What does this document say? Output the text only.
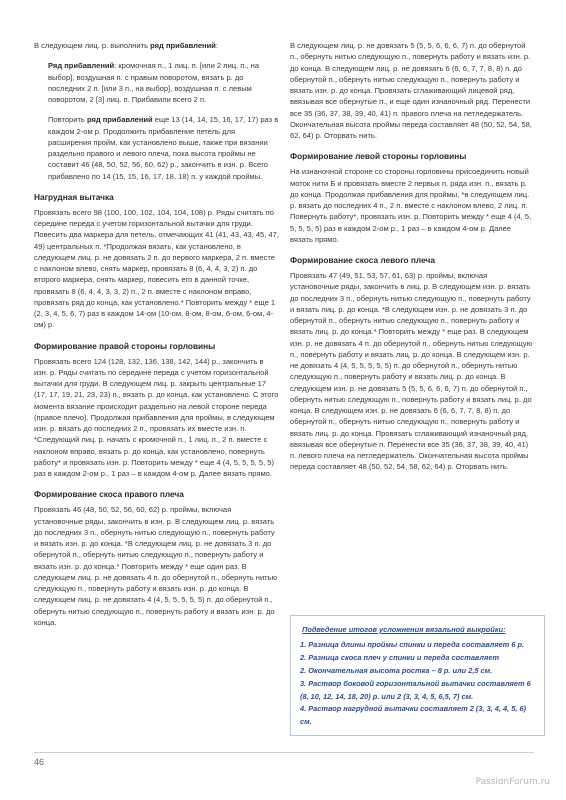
В следующем лиц. р. выполнить ряд прибавлений:

Ряд прибавлений: кромочная п., 1 лиц. п. [или 2 лиц. п., на выбор], воздушная п. с правым поворотом, вязать р. до последних 2 п. [или 3 п., на выбор], воздушная п. с левым поворотом, 2 [3] лиц. п. Прибавили всего 2 п.

Повторить ряд прибавлений еще 13 (14, 14, 15, 16, 17, 17) раз в каждом 2-ом р. Продолжить прибавление петель для расширения пройм, как установлено выше, также при вязании раздельно правого и левого плеча, пока высота проймы не составит 46 (48, 50, 52, 56, 60, 62) р., закончить в изн. р. Всего прибавлено по 14 (15, 15, 16, 17, 18, 18) п. у каждой проймы.

Нагрудная вытачка

Провязать всего 98 (100, 100, 102, 104, 104, 108) р. Ряды считать по середине переда с учетом горизонтальной вытачки для груди. Повесить два маркера для петель, отмечающих 41 (41, 43, 43, 45, 47, 49) центральных п. *Продолжая вязать, как установлено, в следующем лиц. р. не довязать 2 п. до первого маркера, 2 п. вместе с наклоном влево, снять маркер, провязать 8 (6, 4, 4, 3, 2) п. до второго маркера, снять маркер, повесить его в данной точке, провязать 8 (6, 4, 4, 3, 3, 2) п., 2 п. вместе с наклоном вправо, провязать ряд до конца, как установлено.* Повторить между * еще 1 (2, 3, 4, 5, 6, 7) раз в каждом 14-ом (10-ом, 8-ом, 8-ом, 6-ом, 6-ом, 4-ом) р.

Формирование правой стороны горловины

Провязать всего 124 (128, 132, 136, 138, 142, 144) р., закончить в изн. р. Ряды считать по середине переда с учетом горизонтальной вытачки для груди. В следующем лиц. р. закрыть центральные 17 (17, 17, 19, 21, 23, 23) п., вязать р. до конца, как установлено. С этого момента вязание происходит раздельно на левой стороне переда (правое плечо). Продолжая прибавления для проймы, в следующем изн. р. вязать до последних 2 п., провязать их вместе изн. п. *Следующий лиц. р. начать с кромочной п., 1 лиц. п., 2 п. вместе с наклоном вправо, вязать р. до конца, как установлено, повернуть работу* и провязать изн. р. Повторить между * еще 4 (4, 5, 5, 5, 5, 5) раз в каждом 2-ом р., 1 раз – в каждом 4-ом р. Далее вязать прямо.

Формирование скоса правого плеча

Провязать 46 (48, 50, 52, 56, 60, 62) р. проймы, включая установочные ряды, закончить в изн. р. В следующем лиц. р. вязать до последних 3 п., обернуть нитью следующую п., повернуть работу и вязать изн. р. до конца. *В следующем лиц. р. не довязать 3 п. до обернутой п., обернуть нитью следующую п., повернуть работу и вязать изн. р. до конца.* Повторить между * еще один раз. В следующем лиц. р. не довязать 4 п. до обернутой п., обернуть нитью следующую п., повернуть работу и вязать изн. р. до конца. В следующем лиц. р. не довязать 4 (4, 5, 5, 5, 5, 5) п. до обернутой п., обернуть нитью следующую п., повернуть работу и вязать изн. р. до конца.

В следующем лиц. р. не довязать 5 (5, 5, 6, 6, 6, 7) п. до обернутой п., обернуть нитью следующую п., повернуть работу и вязать изн. р. до конца. В следующем лиц. р. не довязать 6 (6, 6, 7, 7, 8, 8) п. до обернутой п., обернуть нитью следующую п., повернуть работу и вязать изн. р. до конца. Провязать сглаживающий лицевой ряд, ввязывая все обернутые п., и еще один изнаночный ряд. Перенести все 35 (36, 37, 38, 39, 40, 41) п. правого плеча на петледержатель. Окончательная высота проймы переда составляет 48 (50, 52, 54, 58, 62, 64) р. Оторвать нить.

Формирование левой стороны горловины

На изнаночной стороне со стороны горловины присоединить новый моток нити Б и провязать вместе 2 первых п. ряда изн. п., вязать р. до конца. Продолжая прибавления для проймы, *в следующем лиц. р. вязать до последних 4 п., 2 п. вместе с наклоном влево, 2 лиц. п. Повернуть работу*, провязать изн. р. Повторить между * еще 4 (4, 5, 5, 5, 5, 5) раз в каждом 2-ом р., 1 раз – в каждом 4-ом р. Далее вязать прямо.

Формирование скоса левого плеча

Провязать 47 (49, 51, 53, 57, 61, 63) р. проймы, включая установочные ряды, закончить в лиц. р. В следующем изн. р. вязать до последних 3 п., обернуть нитью следующую п., повернуть работу и вязать лиц. р. до конца. *В следующем изн. р. не довязать 3 п. до обернутой п., обернуть нитью следующую п., повернуть работу и вязать лиц. р. до конца.* Повторить между * еще раз. В следующем изн. р. не довязать 4 п. до обернутой п., обернуть нитью следующую п., повернуть работу и вязать лиц. р. до конца. В следующем изн. р. не довязать 4 (4, 5, 5, 5, 5, 5) п. до обернутой п., обернуть нитью следующую п., повернуть работу и вязать лиц. р. до конца. В следующем изн. р. не довязать 5 (5, 5, 6, 6, 6, 7) п. до обернутой п., обернуть нитью следующую п., повернуть работу и вязать лиц. р. до конца. В следующем изн. р. не довязать 6 (6, 6, 7, 7, 8, 8) п. до обернутой п., обернуть нитью следующую п., повернуть работу и вязать лиц. р. до конца. Провязать сглаживающий изнаночный ряд, ввязывая все обернутые п. Перенести все 35 (36, 37, 38, 39, 40, 41) п. левого плеча на петледержатель. Окончательная высота проймы переда составляет 48 (50, 52, 54, 58, 62, 64) р. Оторвать нить.

Подведение итогов усложнения вязальной выкройки:

1. Разница длины проймы спинки и переда составляет 6 р.

2. Разница скоса плеч у спинки и переда составляет

2. Окончательная высота ростка – 8 р. или 2,5 см.

3. Раствор боковой горизонтальной вытачки составляет 6 (8, 10, 12, 14, 18, 20) р. или 2 (3, 3, 4, 5, 6,5, 7) см.

4. Раствор нагрудной вытачки составляет 2 (3, 3, 4, 4, 5, 6) см.

46
PassionForum.ru
